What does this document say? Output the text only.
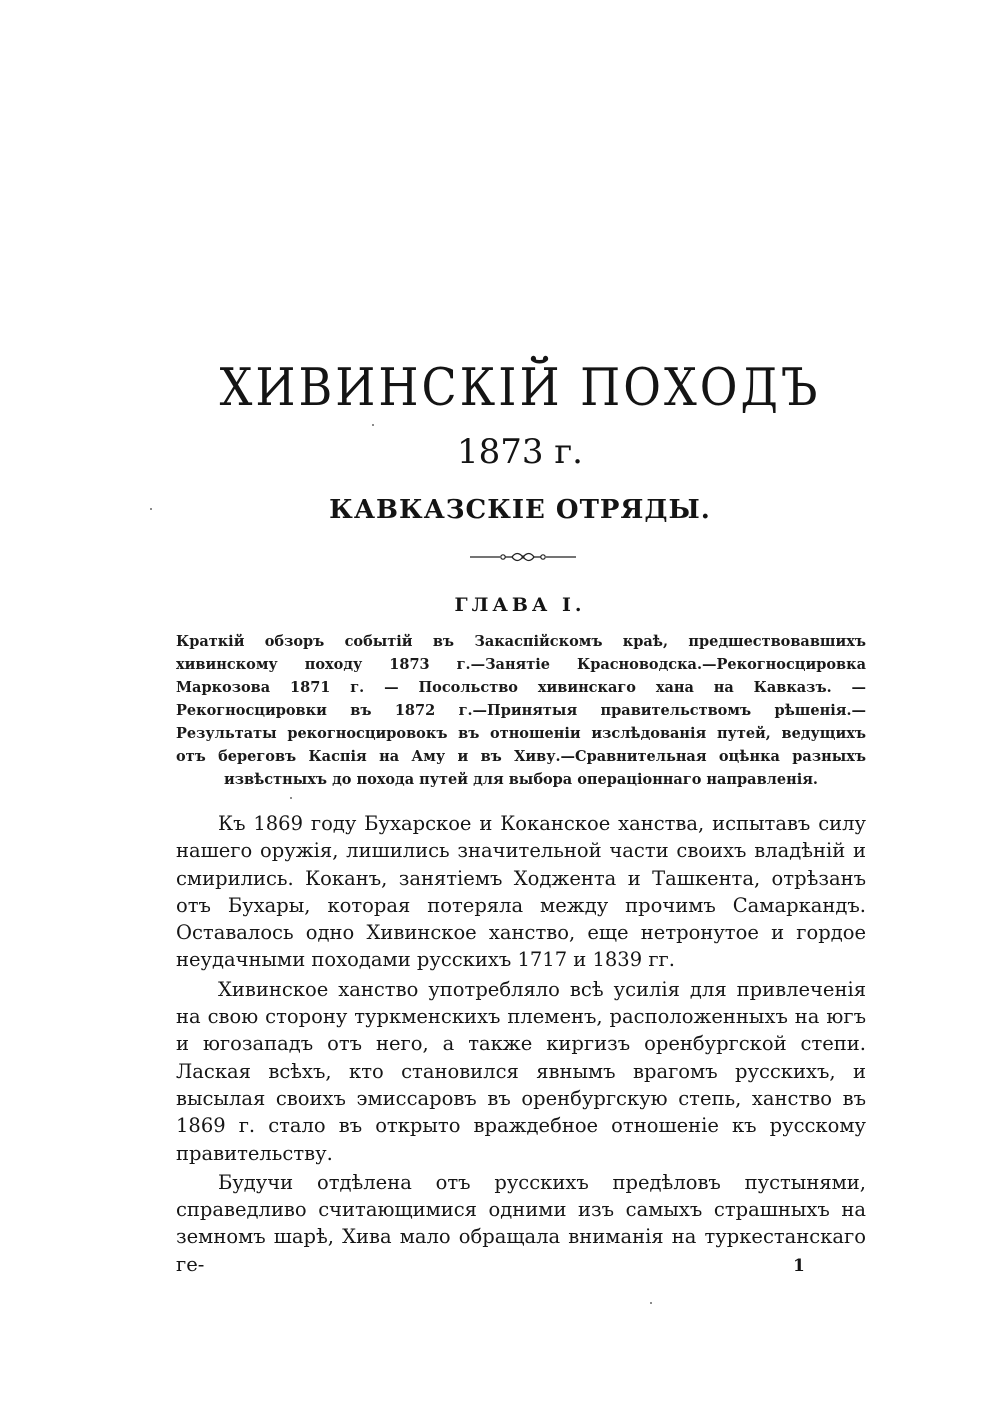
ХИВИНСКІЙ ПОХОДЪ
1873 г.
КАВКАЗСКІЕ ОТРЯДЫ.
ГЛАВА I.
Краткій обзоръ событій въ Закаспійскомъ краѣ, предшествовавшихъ хивинскому походу 1873 г.—Занятіе Красноводска.—Рекогносцировка Маркозова 1871 г. — Посольство хивинскаго хана на Кавказъ. — Рекогносцировки въ 1872 г.—Принятыя правительствомъ рѣшенія.—Результаты рекогносцировокъ въ отношеніи изслѣдованія путей, ведущихъ отъ береговъ Каспія на Аму и въ Хиву.—Сравнительная оцѣнка разныхъ извѣстныхъ до похода путей для выбора операціоннаго направленія.

Къ 1869 году Бухарское и Коканское ханства, испытавъ силу нашего оружія, лишились значительной части своихъ владѣній и смирились. Коканъ, занятіемъ Ходжента и Ташкента, отрѣзанъ отъ Бухары, которая потеряла между прочимъ Самаркандъ. Оставалось одно Хивинское ханство, еще нетронутое и гордое неудачными походами русскихъ 1717 и 1839 гг.

Хивинское ханство употребляло всѣ усилія для привлеченія на свою сторону туркменскихъ племенъ, расположенныхъ на югъ и югозападъ отъ него, а также киргизъ оренбургской степи. Лаская всѣхъ, кто становился явнымъ врагомъ русскихъ, и высылая своихъ эмиссаровъ въ оренбургскую степь, ханство въ 1869 г. стало въ открыто враждебное отношеніе къ русскому правительству.

Будучи отдѣлена отъ русскихъ предѣловъ пустынями, справедливо считающимися одними изъ самыхъ страшныхъ на земномъ шарѣ, Хива мало обращала вниманія на туркестанскаго ге-	1
